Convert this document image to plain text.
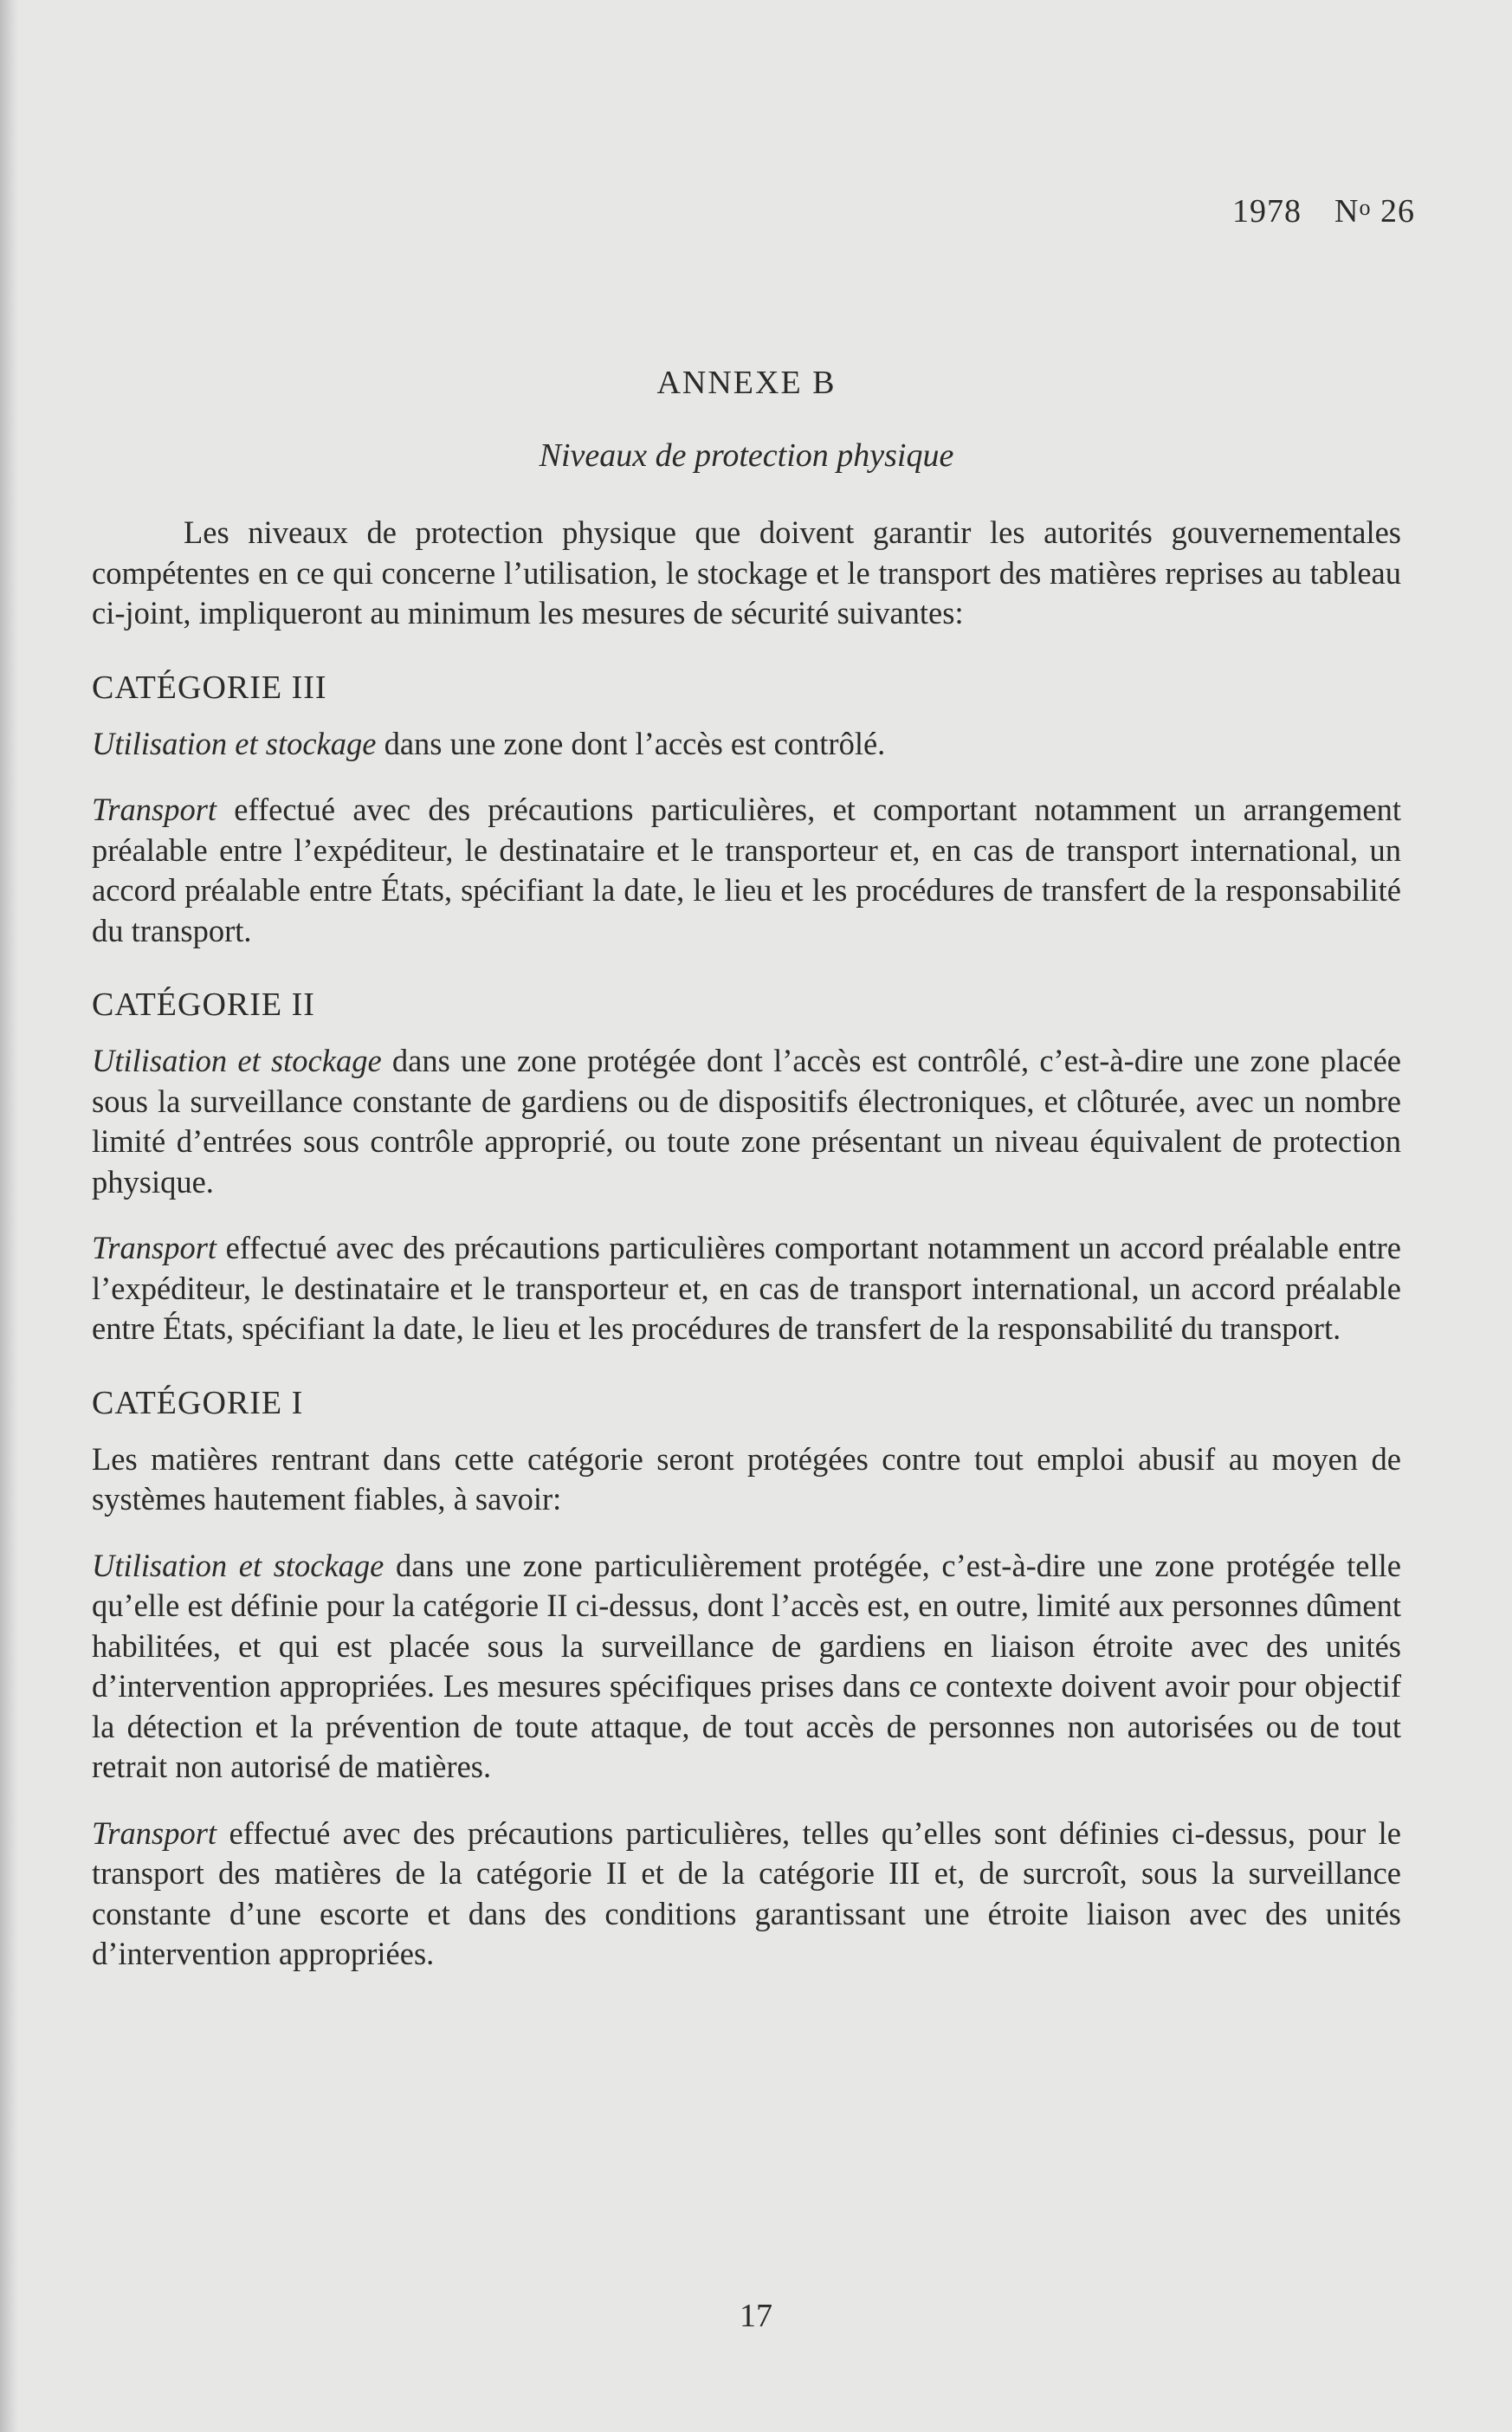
1978 $N^o$ 26
ANNEXE B
Niveaux de protection physique

Les niveaux de protection physique que doivent garantir les autorités gouvernementales compétentes en ce qui concerne l’utilisation, le stockage et le transport des matières reprises au tableau ci-joint, impliqueront au minimum les mesures de sécurité suivantes:

CATÉGORIE III

Utilisation et stockage dans une zone dont l’accès est contrôlé.

Transport effectué avec des précautions particulières, et comportant notamment un arrangement préalable entre l’expéditeur, le destinataire et le transporteur et, en cas de transport international, un accord préalable entre États, spécifiant la date, le lieu et les procédures de transfert de la responsabilité du transport.

CATÉGORIE II

Utilisation et stockage dans une zone protégée dont l’accès est contrôlé, c’est-à-dire une zone placée sous la surveillance constante de gardiens ou de dispositifs électroniques, et clôturée, avec un nombre limité d’entrées sous contrôle approprié, ou toute zone présentant un niveau équivalent de protection physique.

Transport effectué avec des précautions particulières comportant notamment un accord préalable entre l’expéditeur, le destinataire et le transporteur et, en cas de transport international, un accord préalable entre États, spécifiant la date, le lieu et les procédures de transfert de la responsabilité du transport.

CATÉGORIE I

Les matières rentrant dans cette catégorie seront protégées contre tout emploi abusif au moyen de systèmes hautement fiables, à savoir:

Utilisation et stockage dans une zone particulièrement protégée, c’est-à-dire une zone protégée telle qu’elle est définie pour la catégorie II ci-dessus, dont l’accès est, en outre, limité aux personnes dûment habilitées, et qui est placée sous la surveillance de gardiens en liaison étroite avec des unités d’intervention appropriées. Les mesures spécifiques prises dans ce contexte doivent avoir pour objectif la détection et la prévention de toute attaque, de tout accès de personnes non autorisées ou de tout retrait non autorisé de matières.

Transport effectué avec des précautions particulières, telles qu’elles sont définies ci-dessus, pour le transport des matières de la catégorie II et de la catégorie III et, de surcroît, sous la surveillance constante d’une escorte et dans des conditions garantissant une étroite liaison avec des unités d’intervention appropriées.

17
